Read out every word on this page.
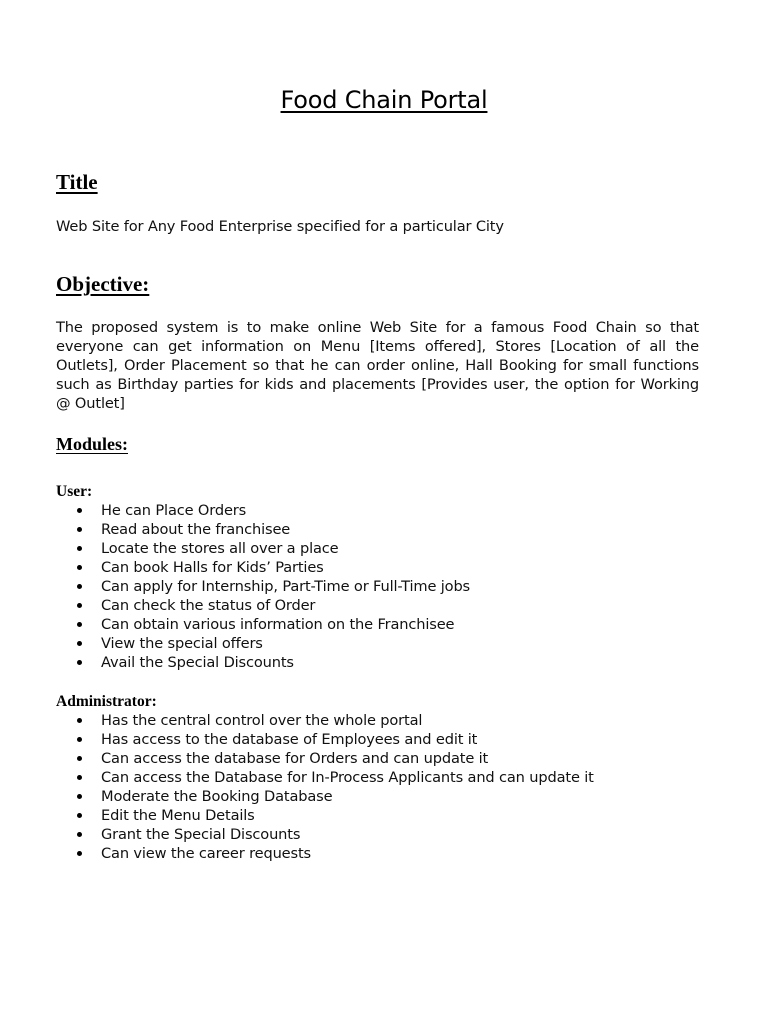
Food Chain Portal
Title
Web Site for Any Food Enterprise specified for a particular City
Objective:

The proposed system is to make online Web Site for a famous Food Chain so that everyone can get information on Menu [Items offered], Stores [Location of all the Outlets], Order Placement so that he can order online, Hall Booking for small functions such as Birthday parties for kids and placements [Provides user, the option for Working @ Outlet]

Modules:
User:
He can Place Orders
Read about the franchisee
Locate the stores all over a place
Can book Halls for Kids’ Parties
Can apply for Internship, Part-Time or Full-Time jobs
Can check the status of Order
Can obtain various information on the Franchisee
View the special offers
Avail the Special Discounts
Administrator:
Has the central control over the whole portal
Has access to the database of Employees and edit it
Can access the database for Orders and can update it
Can access the Database for In-Process Applicants and can update it
Moderate the Booking Database
Edit the Menu Details
Grant the Special Discounts
Can view the career requests
